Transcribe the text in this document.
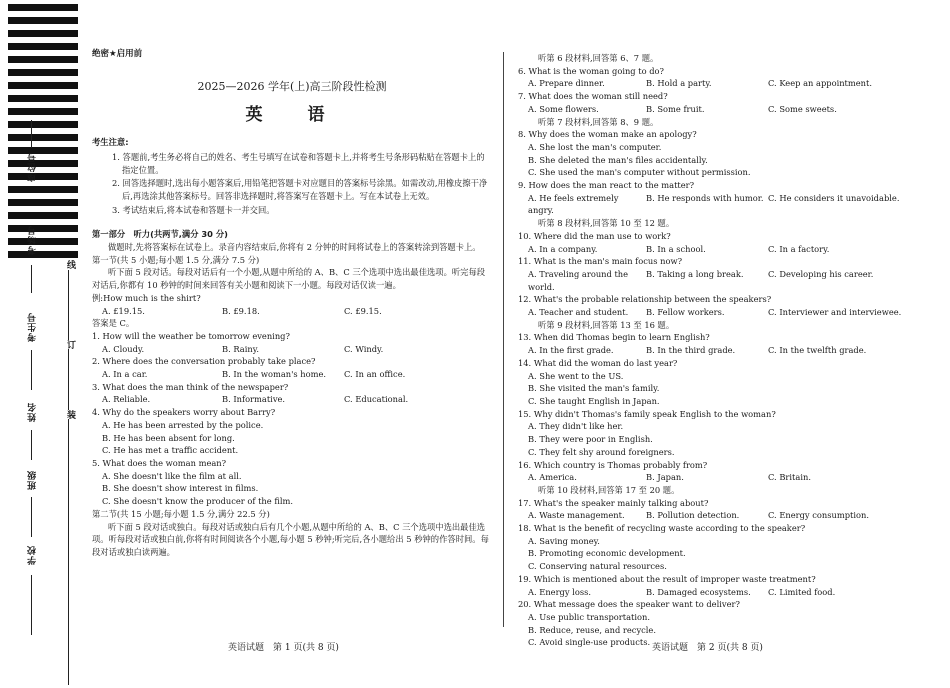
座位号
考场号
考生号
姓名
班级
学校
线
订
装
绝密★启用前
2025—2026 学年(上)高三阶段性检测
英　语
考生注意:
1. 答题前,考生务必将自己的姓名、考生号填写在试卷和答题卡上,并将考生号条形码粘贴在答题卡上的指定位置。
2. 回答选择题时,选出每小题答案后,用铅笔把答题卡对应题目的答案标号涂黑。如需改动,用橡皮擦干净后,再选涂其他答案标号。回答非选择题时,将答案写在答题卡上。写在本试卷上无效。
3. 考试结束后,将本试卷和答题卡一并交回。
第一部分　听力(共两节,满分 30 分)
做题时,先将答案标在试卷上。录音内容结束后,你将有 2 分钟的时间将试卷上的答案转涂到答题卡上。
第一节(共 5 小题;每小题 1.5 分,满分 7.5 分)
听下面 5 段对话。每段对话后有一个小题,从题中所给的 A、B、C 三个选项中选出最佳选项。听完每段对话后,你都有 10 秒钟的时间来回答有关小题和阅读下一小题。每段对话仅读一遍。
例:How much is the shirt?
A. £19.15.	B. £9.18.	C. £9.15.
答案是 C。
1. How will the weather be tomorrow evening?
A. Cloudy.	B. Rainy.	C. Windy.
2. Where does the conversation probably take place?
A. In a car.	B. In the woman's home.	C. In an office.
3. What does the man think of the newspaper?
A. Reliable.	B. Informative.	C. Educational.
4. Why do the speakers worry about Barry?
A. He has been arrested by the police.
B. He has been absent for long.
C. He has met a traffic accident.
5. What does the woman mean?
A. She doesn't like the film at all.
B. She doesn't show interest in films.
C. She doesn't know the producer of the film.
第二节(共 15 小题;每小题 1.5 分,满分 22.5 分)
听下面 5 段对话或独白。每段对话或独白后有几个小题,从题中所给的 A、B、C 三个选项中选出最佳选项。听每段对话或独白前,你将有时间阅读各个小题,每小题 5 秒钟;听完后,各小题给出 5 秒钟的作答时间。每段对话或独白读两遍。
听第 6 段材料,回答第 6、7 题。
6. What is the woman going to do?
A. Prepare dinner.	B. Hold a party.	C. Keep an appointment.
7. What does the woman still need?
A. Some flowers.	B. Some fruit.	C. Some sweets.
听第 7 段材料,回答第 8、9 题。
8. Why does the woman make an apology?
A. She lost the man's computer.
B. She deleted the man's files accidentally.
C. She used the man's computer without permission.
9. How does the man react to the matter?
A. He feels extremely angry.
B. He responds with humor. C. He considers it unavoidable.
听第 8 段材料,回答第 10 至 12 题。
10. Where did the man use to work?
A. In a company.	B. In a school.	C. In a factory.
11. What is the man's main focus now?
A. Traveling around the world.
B. Taking a long break.	C. Developing his career.
12. What's the probable relationship between the speakers?
A. Teacher and student.	B. Fellow workers.	C. Interviewer and interviewee.
听第 9 段材料,回答第 13 至 16 题。
13. When did Thomas begin to learn English?
A. In the first grade.	B. In the third grade.	C. In the twelfth grade.
14. What did the woman do last year?
A. She went to the US.
B. She visited the man's family.
C. She taught English in Japan.
15. Why didn't Thomas's family speak English to the woman?
A. They didn't like her.
B. They were poor in English.
C. They felt shy around foreigners.
16. Which country is Thomas probably from?
A. America.	B. Japan.	C. Britain.
听第 10 段材料,回答第 17 至 20 题。
17. What's the speaker mainly talking about?
A. Waste management.	B. Pollution detection.	C. Energy consumption.
18. What is the benefit of recycling waste according to the speaker?
A. Saving money.
B. Promoting economic development.
C. Conserving natural resources.
19. Which is mentioned about the result of improper waste treatment?
A. Energy loss.	B. Damaged ecosystems.	C. Limited food.
20. What message does the speaker want to deliver?
A. Use public transportation.
B. Reduce, reuse, and recycle.
C. Avoid single-use products.
英语试题　第 1 页(共 8 页)	英语试题　第 2 页(共 8 页)
